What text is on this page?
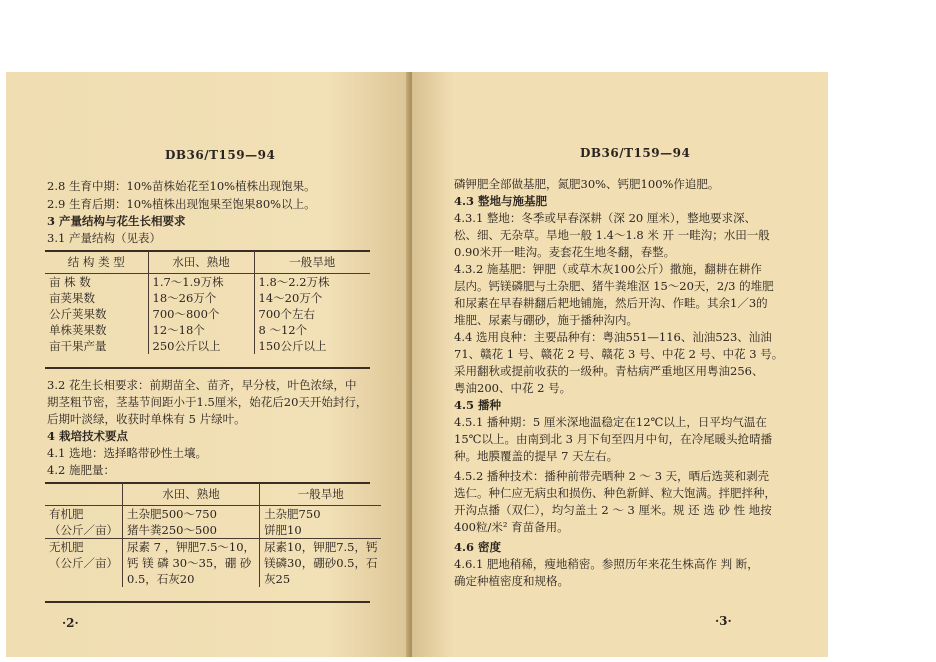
DB36/T159—94
2.8 生育中期：10%苗株始花至10%植株出现饱果。
2.9 生育后期：10%植株出现饱果至饱果80%以上。
3 产量结构与花生长相要求
3.1 产量结构（见表）
结 构 类 型	水田、熟地	一般旱地
亩 株 数	1.7～1.9万株	1.8～2.2万株
亩荚果数	18～26万个	14～20万个
公斤荚果数	700～800个	700个左右
单株荚果数	12～18个	8 ～12个
亩干果产量	250公斤以上	150公斤以上
3.2 花生长相要求：前期苗全、苗齐，早分枝，叶色浓绿，中
期茎粗节密，茎基节间距小于1.5厘米，始花后20天开始封行，
后期叶淡绿，收获时单株有 5 片绿叶。
4 栽培技术要点
4.1 选地：选择略带砂性土壤。
4.2 施肥量：
	水田、熟地	一般旱地
有机肥	土杂肥500～750	土杂肥750
（公斤／亩）	猪牛粪250～500	饼肥10
无机肥	尿素 7 ，钾肥7.5～10，	尿素10，钾肥7.5，钙
（公斤／亩）	钙 镁 磷 30～35，硼 砂	镁磷30，硼砂0.5，石
	0.5，石灰20	灰25
·2·
DB36/T159—94
磷钾肥全部做基肥，氮肥30%、钙肥100%作追肥。
4.3 整地与施基肥
4.3.1 整地：冬季或早春深耕（深 20 厘米），整地要求深、
松、细、无杂草。旱地一般 1.4～1.8 米 开 一畦沟；水田一般
0.90米开一畦沟。麦套花生地冬翻，春整。
4.3.2 施基肥：钾肥（或草木灰100公斤）撒施，翻耕在耕作
层内。钙镁磷肥与土杂肥、猪牛粪堆沤 15～20天，2/3 的堆肥
和尿素在早春耕翻后耙地铺施，然后开沟、作畦。其余1／3的
堆肥、尿素与硼砂，施于播种沟内。
4.4 选用良种：主要品种有：粤油551—116、汕油523、汕油
71、赣花 1 号、赣花 2 号、赣花 3 号、中花 2 号、中花 3 号。
采用翻秋或提前收获的一级种。青枯病严重地区用粤油256、
粤油200、中花 2 号。
4.5 播种
4.5.1 播种期：5 厘米深地温稳定在12℃以上，日平均气温在
15℃以上。由南到北 3 月下旬至四月中旬，在冷尾暖头抢晴播
种。地膜覆盖的提早 7 天左右。
4.5.2 播种技术：播种前带壳晒种 2 ～ 3 天，晒后选荚和剥壳
选仁。种仁应无病虫和损伤、种色新鲜、粒大饱满。拌肥拌种，
开沟点播（双仁），均匀盖土 2 ～ 3 厘米。规 还 选 砂 性 地按
400粒/米² 育苗备用。
4.6 密度
4.6.1 肥地稍稀，瘦地稍密。参照历年来花生株高作 判 断，
确定种植密度和规格。
·3·
